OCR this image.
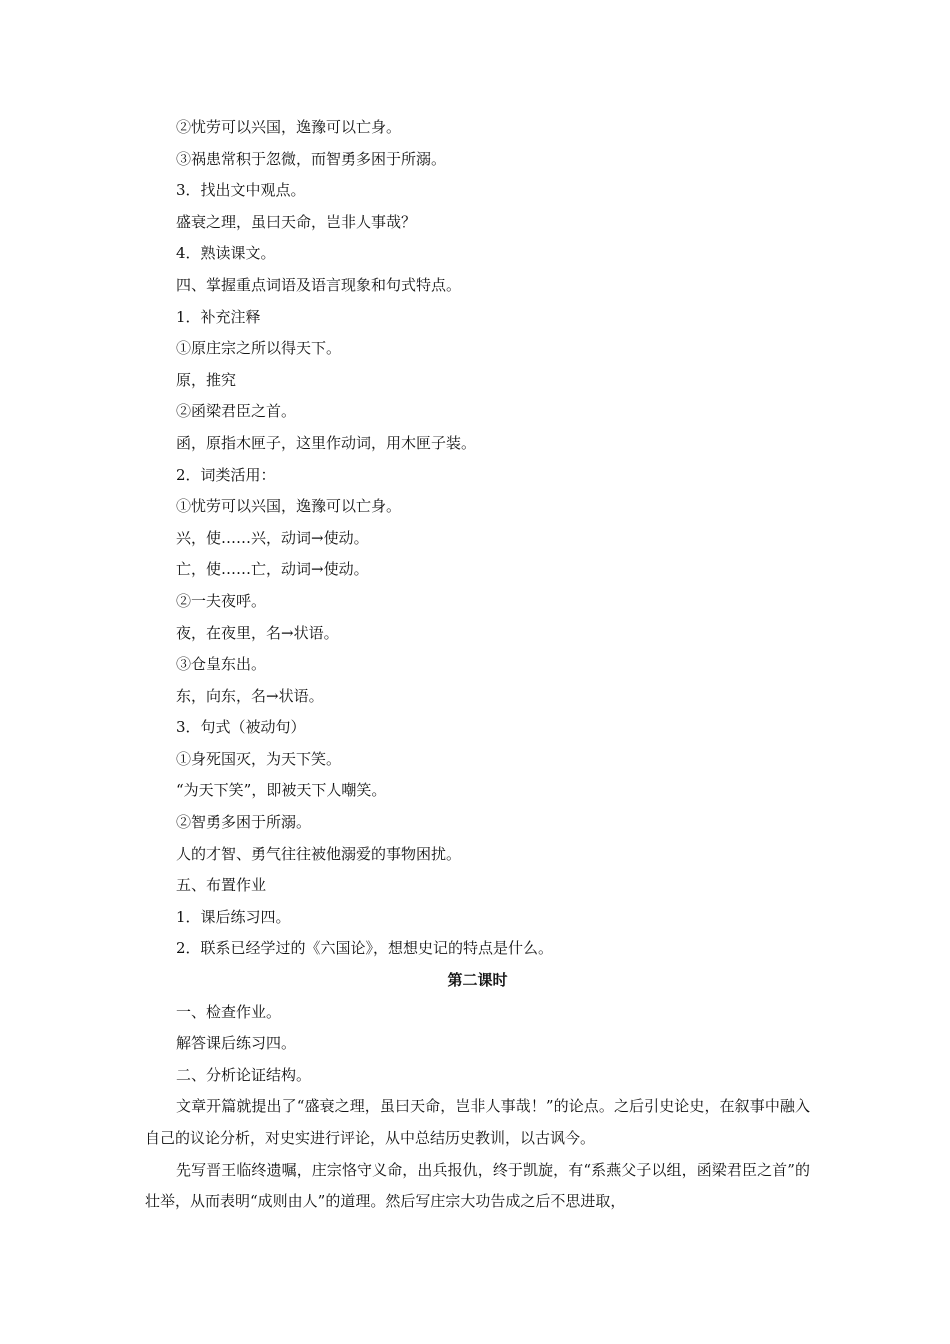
②忧劳可以兴国，逸豫可以亡身。

③祸患常积于忽微，而智勇多困于所溺。

3．找出文中观点。

盛衰之理，虽曰天命，岂非人事哉？

4．熟读课文。

四、掌握重点词语及语言现象和句式特点。

1．补充注释

①原庄宗之所以得天下。

原，推究

②函梁君臣之首。

函，原指木匣子，这里作动词，用木匣子装。

2．词类活用：

①忧劳可以兴国，逸豫可以亡身。

兴，使……兴，动词→使动。

亡，使……亡，动词→使动。

②一夫夜呼。

夜，在夜里，名→状语。

③仓皇东出。

东，向东，名→状语。

3．句式（被动句）

①身死国灭，为天下笑。

“为天下笑”，即被天下人嘲笑。

②智勇多困于所溺。

人的才智、勇气往往被他溺爱的事物困扰。

五、布置作业

1．课后练习四。

2．联系已经学过的《六国论》，想想史记的特点是什么。

第二课时

一、检查作业。

解答课后练习四。

二、分析论证结构。

文章开篇就提出了“盛衰之理，虽曰天命，岂非人事哉！”的论点。之后引史论史，在叙事中融入自己的议论分析，对史实进行评论，从中总结历史教训，以古讽今。

先写晋王临终遗嘱，庄宗恪守义命，出兵报仇，终于凯旋，有“系燕父子以组，函梁君臣之首”的壮举，从而表明“成则由人”的道理。然后写庄宗大功告成之后不思进取，
